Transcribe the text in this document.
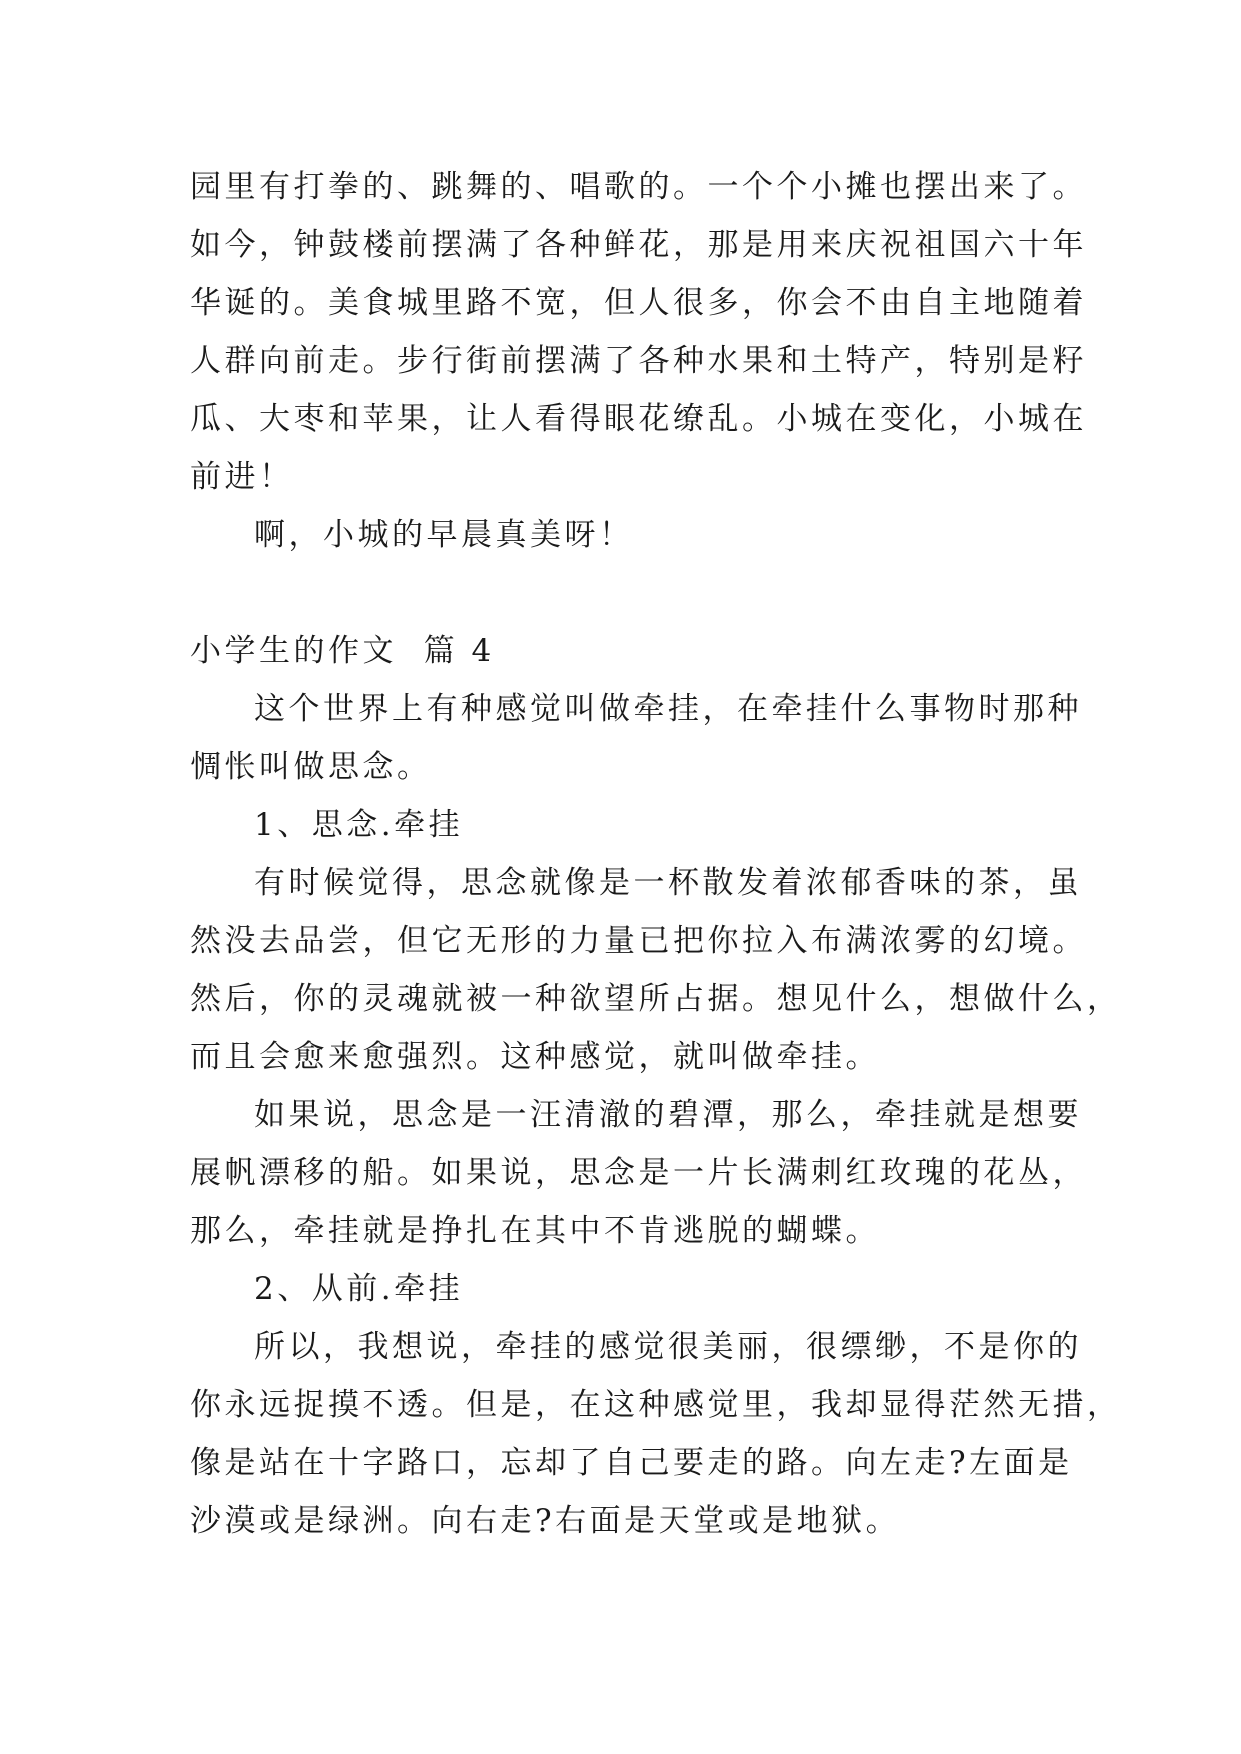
园里有打拳的、跳舞的、唱歌的。一个个小摊也摆出来了。
如今，钟鼓楼前摆满了各种鲜花，那是用来庆祝祖国六十年
华诞的。美食城里路不宽，但人很多，你会不由自主地随着
人群向前走。步行街前摆满了各种水果和土特产，特别是籽
瓜、大枣和苹果，让人看得眼花缭乱。小城在变化，小城在
前进！
啊，小城的早晨真美呀！
小学生的作文  篇 4
这个世界上有种感觉叫做牵挂，在牵挂什么事物时那种
惆怅叫做思念。
1、思念.牵挂
有时候觉得，思念就像是一杯散发着浓郁香味的茶，虽
然没去品尝，但它无形的力量已把你拉入布满浓雾的幻境。
然后，你的灵魂就被一种欲望所占据。想见什么，想做什么，
而且会愈来愈强烈。这种感觉，就叫做牵挂。
如果说，思念是一汪清澈的碧潭，那么，牵挂就是想要
展帆漂移的船。如果说，思念是一片长满刺红玫瑰的花丛，
那么，牵挂就是挣扎在其中不肯逃脱的蝴蝶。
2、从前.牵挂
所以，我想说，牵挂的感觉很美丽，很缥缈，不是你的
你永远捉摸不透。但是，在这种感觉里，我却显得茫然无措，
像是站在十字路口，忘却了自己要走的路。向左走?左面是
沙漠或是绿洲。向右走?右面是天堂或是地狱。
